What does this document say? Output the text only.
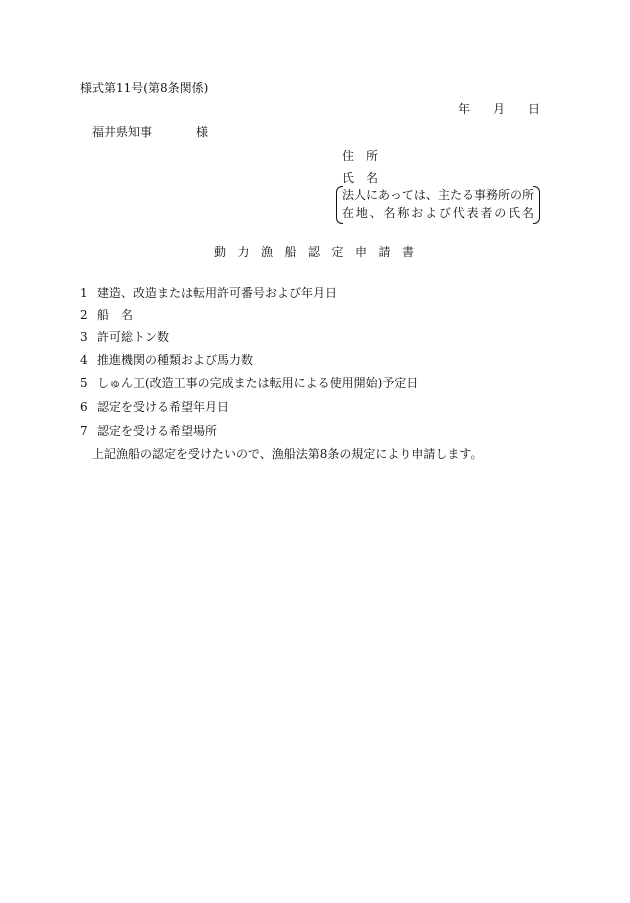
様式第11号(第8条関係)
年 月 日
福井県知事	様
住所
氏名
法人にあっては、主たる事務所の所
在地、名称および代表者の氏名
動力漁船認定申請書
1 建造、改造または転用許可番号および年月日
2 船名
3 許可総トン数
4 推進機関の種類および馬力数
5 しゅん工(改造工事の完成または転用による使用開始)予定日
6 認定を受ける希望年月日
7 認定を受ける希望場所
上記漁船の認定を受けたいので、漁船法第8条の規定により申請します。
